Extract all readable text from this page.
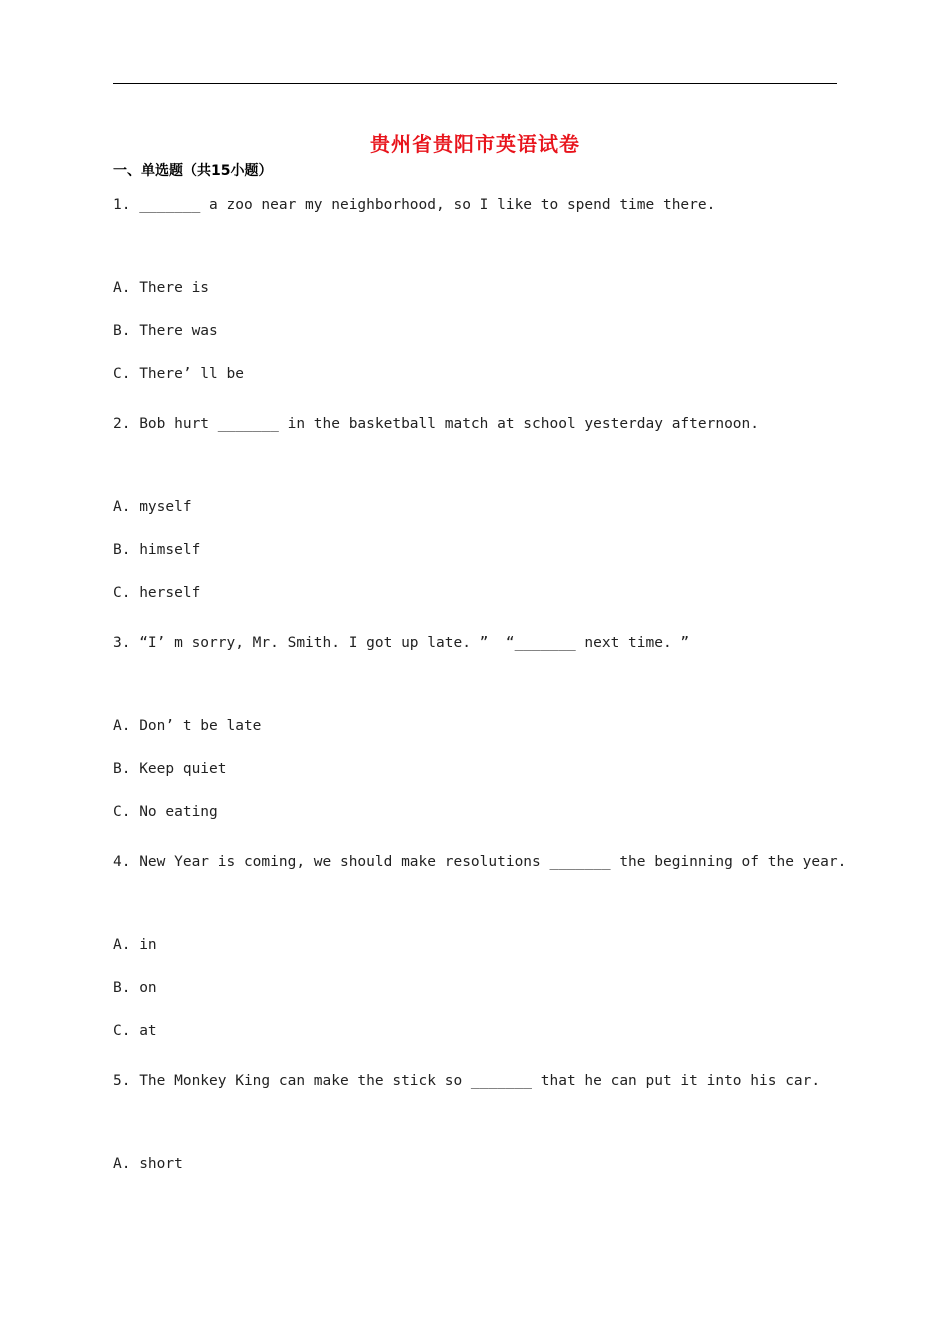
贵州省贵阳市英语试卷
一、单选题（共15小题）
1. _______ a zoo near my neighborhood, so I like to spend time there.
A. There is
B. There was
C. There’ ll be
2. Bob hurt _______ in the basketball match at school yesterday afternoon.
A. myself
B. himself
C. herself
3. “I’ m sorry, Mr. Smith. I got up late. ”  “_______ next time. ”
A. Don’ t be late
B. Keep quiet
C. No eating
4. New Year is coming, we should make resolutions _______ the beginning of the year.
A. in
B. on
C. at
5. The Monkey King can make the stick so _______ that he can put it into his car.
A. short
